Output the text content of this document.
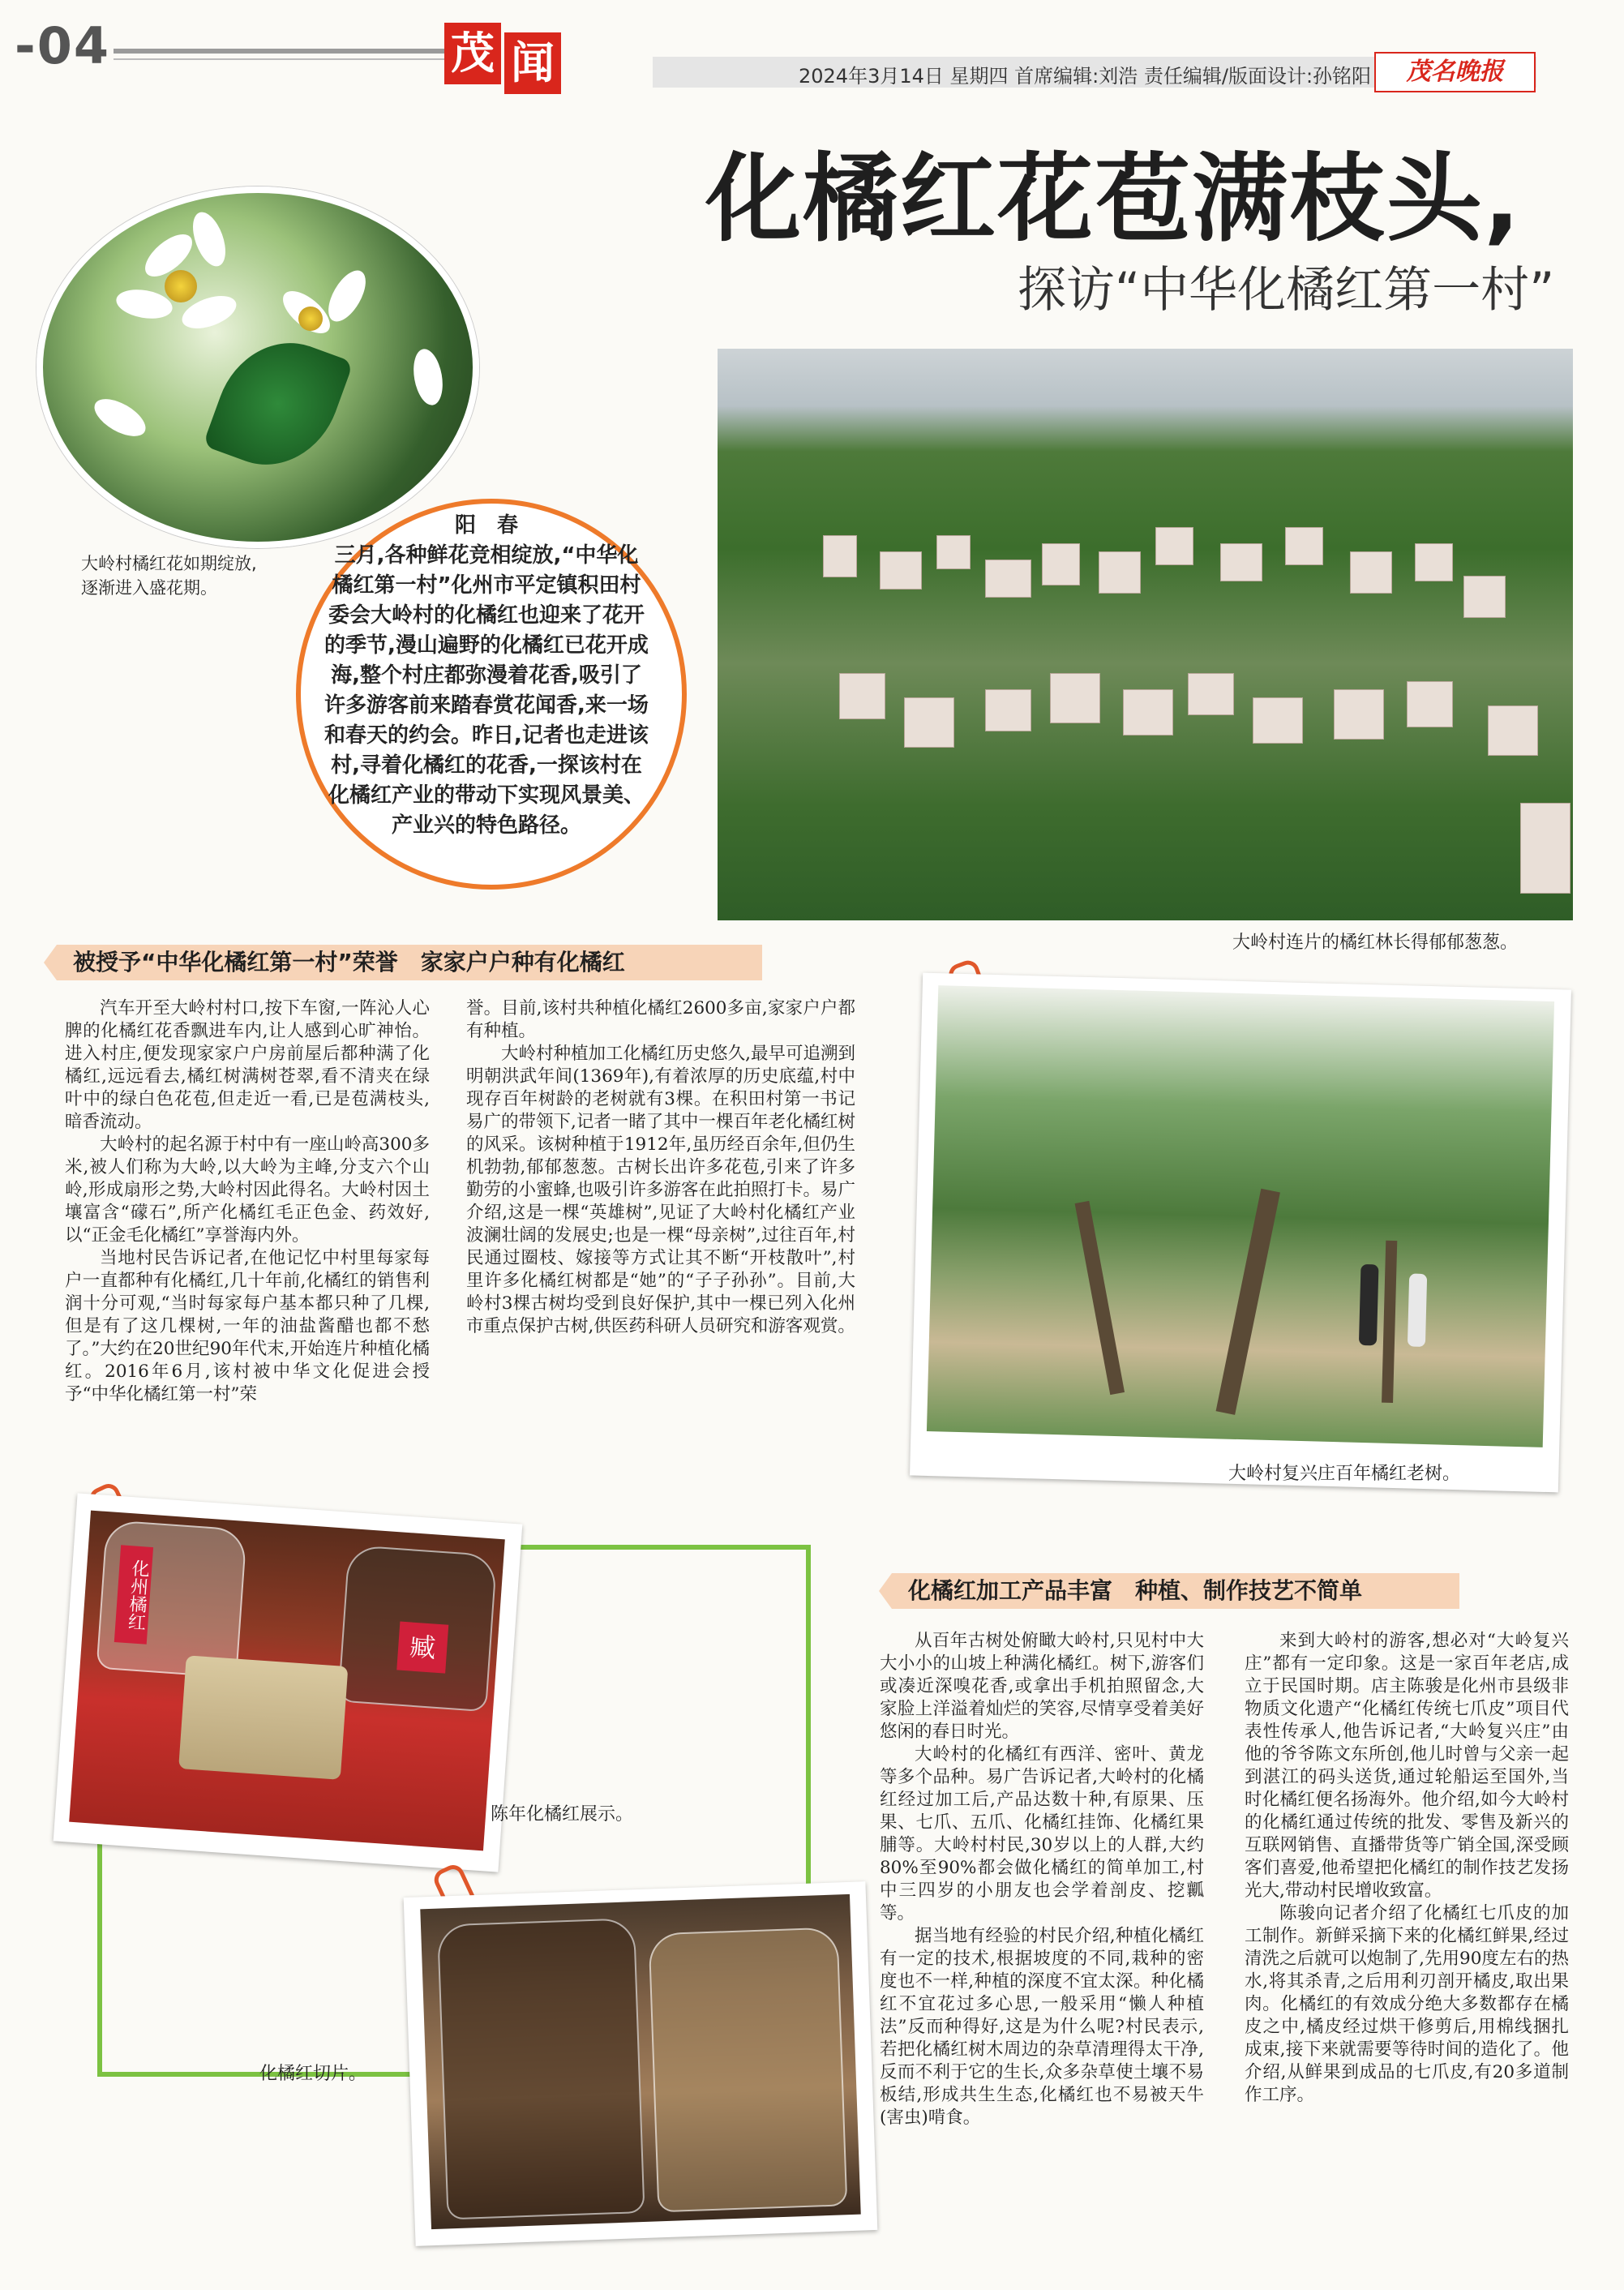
-04	茂 闻	2024年3月14日 星期四 首席编辑:刘浩 责任编辑/版面设计:孙铭阳	茂名晚报
化橘红花苞满枝头,
探访“中华化橘红第一村”
大岭村橘红花如期绽放,逐渐进入盛花期。
阳　春
三月,各种鲜花竞相绽放,“中华化橘红第一村”化州市平定镇积田村委会大岭村的化橘红也迎来了花开的季节,漫山遍野的化橘红已花开成海,整个村庄都弥漫着花香,吸引了许多游客前来踏春赏花闻香,来一场和春天的约会。昨日,记者也走进该村,寻着化橘红的花香,一探该村在化橘红产业的带动下实现风景美、产业兴的特色路径。
大岭村连片的橘红林长得郁郁葱葱。
被授予“中华化橘红第一村”荣誉　家家户户种有化橘红

汽车开至大岭村村口,按下车窗,一阵沁人心脾的化橘红花香飘进车内,让人感到心旷神怡。进入村庄,便发现家家户户房前屋后都种满了化橘红,远远看去,橘红树满树苍翠,看不清夹在绿叶中的绿白色花苞,但走近一看,已是苞满枝头,暗香流动。

大岭村的起名源于村中有一座山岭高300多米,被人们称为大岭,以大岭为主峰,分支六个山岭,形成扇形之势,大岭村因此得名。大岭村因土壤富含“礞石”,所产化橘红毛正色金、药效好,以“正金毛化橘红”享誉海内外。

当地村民告诉记者,在他记忆中村里每家每户一直都种有化橘红,几十年前,化橘红的销售利润十分可观,“当时每家每户基本都只种了几棵,但是有了这几棵树,一年的油盐酱醋也都不愁了。”大约在20世纪90年代末,开始连片种植化橘红。2016年6月,该村被中华文化促进会授予“中华化橘红第一村”荣

誉。目前,该村共种植化橘红2600多亩,家家户户都有种植。

大岭村种植加工化橘红历史悠久,最早可追溯到明朝洪武年间(1369年),有着浓厚的历史底蕴,村中现存百年树龄的老树就有3棵。在积田村第一书记易广的带领下,记者一睹了其中一棵百年老化橘红树的风采。该树种植于1912年,虽历经百余年,但仍生机勃勃,郁郁葱葱。古树长出许多花苞,引来了许多勤劳的小蜜蜂,也吸引许多游客在此拍照打卡。易广介绍,这是一棵“英雄树”,见证了大岭村化橘红产业波澜壮阔的发展史;也是一棵“母亲树”,过往百年,村民通过圈枝、嫁接等方式让其不断“开枝散叶”,村里许多化橘红树都是“她”的“子子孙孙”。目前,大岭村3棵古树均受到良好保护,其中一棵已列入化州市重点保护古树,供医药科研人员研究和游客观赏。

大岭村复兴庄百年橘红老树。
化州橘红
臧
陈年化橘红展示。
化橘红切片。
化橘红加工产品丰富　种植、制作技艺不简单

从百年古树处俯瞰大岭村,只见村中大大小小的山坡上种满化橘红。树下,游客们或凑近深嗅花香,或拿出手机拍照留念,大家脸上洋溢着灿烂的笑容,尽情享受着美好悠闲的春日时光。

大岭村的化橘红有西洋、密叶、黄龙等多个品种。易广告诉记者,大岭村的化橘红经过加工后,产品达数十种,有原果、压果、七爪、五爪、化橘红挂饰、化橘红果脯等。大岭村村民,30岁以上的人群,大约80%至90%都会做化橘红的简单加工,村中三四岁的小朋友也会学着剖皮、挖瓤等。

据当地有经验的村民介绍,种植化橘红有一定的技术,根据坡度的不同,栽种的密度也不一样,种植的深度不宜太深。种化橘红不宜花过多心思,一般采用“懒人种植法”反而种得好,这是为什么呢?村民表示,若把化橘红树木周边的杂草清理得太干净,反而不利于它的生长,众多杂草使土壤不易板结,形成共生生态,化橘红也不易被天牛(害虫)啃食。

来到大岭村的游客,想必对“大岭复兴庄”都有一定印象。这是一家百年老店,成立于民国时期。店主陈骏是化州市县级非物质文化遗产“化橘红传统七爪皮”项目代表性传承人,他告诉记者,“大岭复兴庄”由他的爷爷陈文东所创,他儿时曾与父亲一起到湛江的码头送货,通过轮船运至国外,当时化橘红便名扬海外。他介绍,如今大岭村的化橘红通过传统的批发、零售及新兴的互联网销售、直播带货等广销全国,深受顾客们喜爱,他希望把化橘红的制作技艺发扬光大,带动村民增收致富。

陈骏向记者介绍了化橘红七爪皮的加工制作。新鲜采摘下来的化橘红鲜果,经过清洗之后就可以炮制了,先用90度左右的热水,将其杀青,之后用利刃剖开橘皮,取出果肉。化橘红的有效成分绝大多数都存在橘皮之中,橘皮经过烘干修剪后,用棉线捆扎成束,接下来就需要等待时间的造化了。他介绍,从鲜果到成品的七爪皮,有20多道制作工序。
